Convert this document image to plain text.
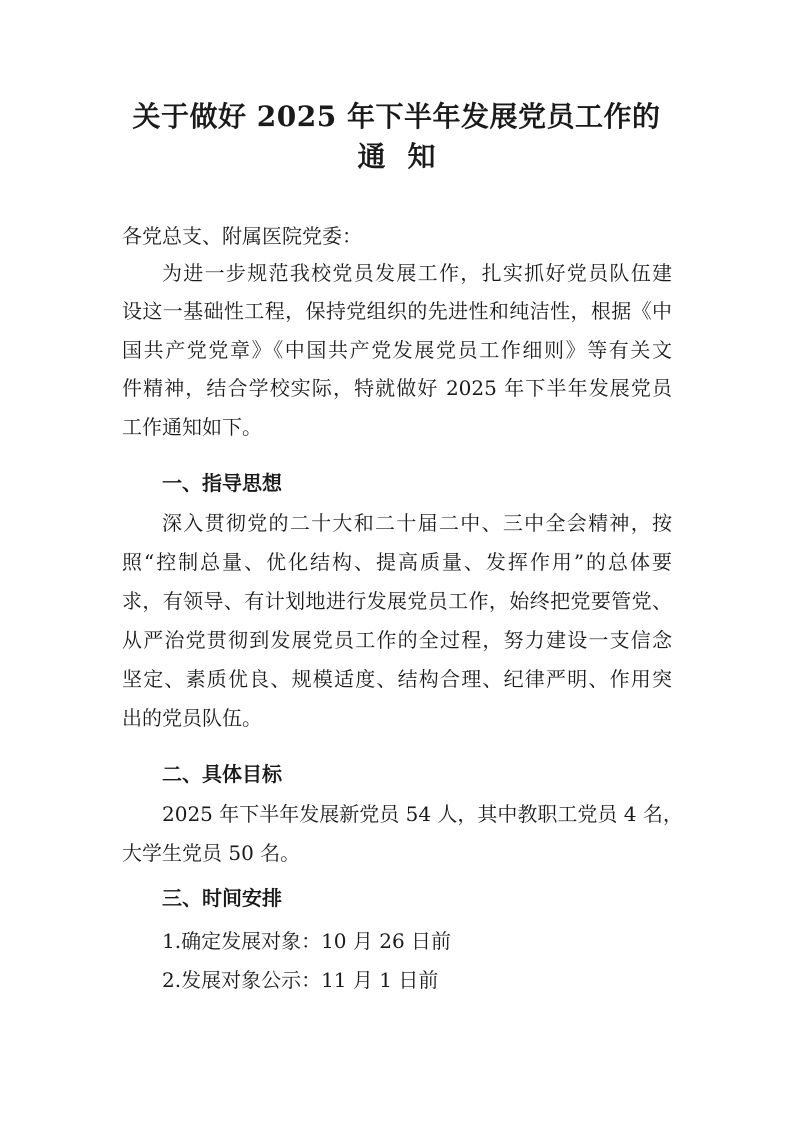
关于做好 2025 年下半年发展党员工作的
通知
各党总支、附属医院党委：
为进一步规范我校党员发展工作，扎实抓好党员队伍建
设这一基础性工程，保持党组织的先进性和纯洁性，根据《中
国共产党党章》《中国共产党发展党员工作细则》等有关文
件精神，结合学校实际，特就做好 2025 年下半年发展党员
工作通知如下。
一、指导思想
深入贯彻党的二十大和二十届二中、三中全会精神，按
照“控制总量、优化结构、提高质量、发挥作用”的总体要
求，有领导、有计划地进行发展党员工作，始终把党要管党、
从严治党贯彻到发展党员工作的全过程，努力建设一支信念
坚定、素质优良、规模适度、结构合理、纪律严明、作用突
出的党员队伍。
二、具体目标
2025 年下半年发展新党员 54 人，其中教职工党员 4 名，
大学生党员 50 名。
三、时间安排
1.确定发展对象：10 月 26 日前
2.发展对象公示：11 月 1 日前
